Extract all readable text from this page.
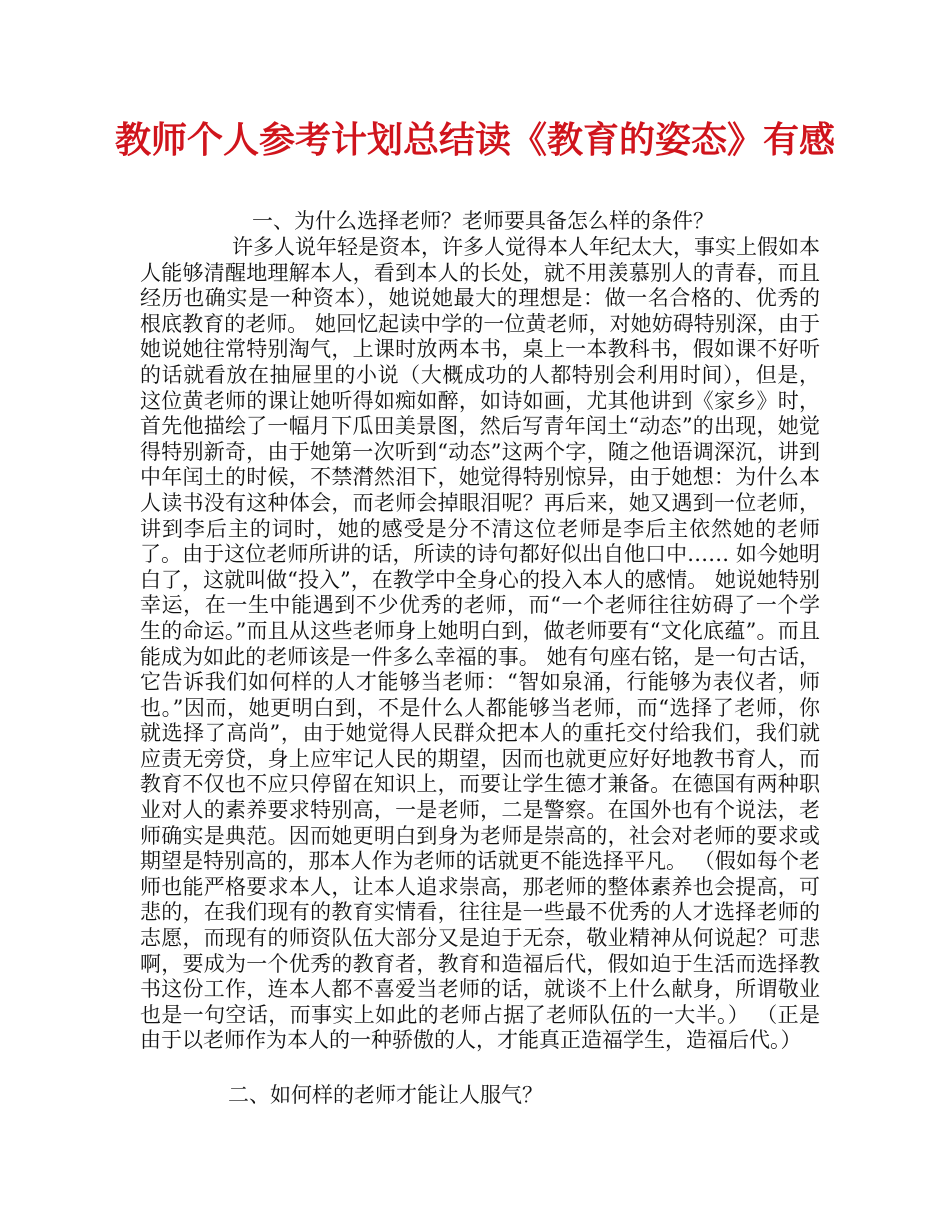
教师个人参考计划总结读《教育的姿态》有感

一、为什么选择老师？老师要具备怎么样的条件？

许多人说年轻是资本，许多人觉得本人年纪太大，事实上假如本人能够清醒地理解本人，看到本人的长处，就不用羡慕别人的青春，而且经历也确实是一种资本），她说她最大的理想是：做一名合格的、优秀的根底教育的老师。 她回忆起读中学的一位黄老师，对她妨碍特别深，由于她说她往常特别淘气，上课时放两本书，桌上一本教科书，假如课不好听的话就看放在抽屉里的小说（大概成功的人都特别会利用时间），但是，这位黄老师的课让她听得如痴如醉，如诗如画，尤其他讲到《家乡》时，首先他描绘了一幅月下瓜田美景图，然后写青年闰土“动态”的出现，她觉得特别新奇，由于她第一次听到“动态”这两个字，随之他语调深沉，讲到中年闰土的时候，不禁潸然泪下，她觉得特别惊异，由于她想：为什么本人读书没有这种体会，而老师会掉眼泪呢？再后来，她又遇到一位老师，讲到李后主的词时，她的感受是分不清这位老师是李后主依然她的老师了。由于这位老师所讲的话，所读的诗句都好似出自他口中…… 如今她明白了，这就叫做“投入”，在教学中全身心的投入本人的感情。 她说她特别幸运，在一生中能遇到不少优秀的老师，而“一个老师往往妨碍了一个学生的命运。”而且从这些老师身上她明白到，做老师要有“文化底蕴”。而且能成为如此的老师该是一件多么幸福的事。 她有句座右铭，是一句古话，它告诉我们如何样的人才能够当老师：“智如泉涌，行能够为表仪者，师也。”因而，她更明白到，不是什么人都能够当老师，而“选择了老师，你就选择了高尚”，由于她觉得人民群众把本人的重托交付给我们，我们就应责无旁贷，身上应牢记人民的期望，因而也就更应好好地教书育人，而教育不仅也不应只停留在知识上，而要让学生德才兼备。在德国有两种职业对人的素养要求特别高，一是老师，二是警察。在国外也有个说法，老师确实是典范。因而她更明白到身为老师是崇高的，社会对老师的要求或期望是特别高的，那本人作为老师的话就更不能选择平凡。 （假如每个老师也能严格要求本人，让本人追求崇高，那老师的整体素养也会提高，可悲的，在我们现有的教育实情看，往往是一些最不优秀的人才选择老师的志愿，而现有的师资队伍大部分又是迫于无奈，敬业精神从何说起？可悲啊，要成为一个优秀的教育者，教育和造福后代，假如迫于生活而选择教书这份工作，连本人都不喜爱当老师的话，就谈不上什么献身，所谓敬业也是一句空话，而事实上如此的老师占据了老师队伍的一大半。） （正是由于以老师作为本人的一种骄傲的人，才能真正造福学生，造福后代。）

二、如何样的老师才能让人服气？
